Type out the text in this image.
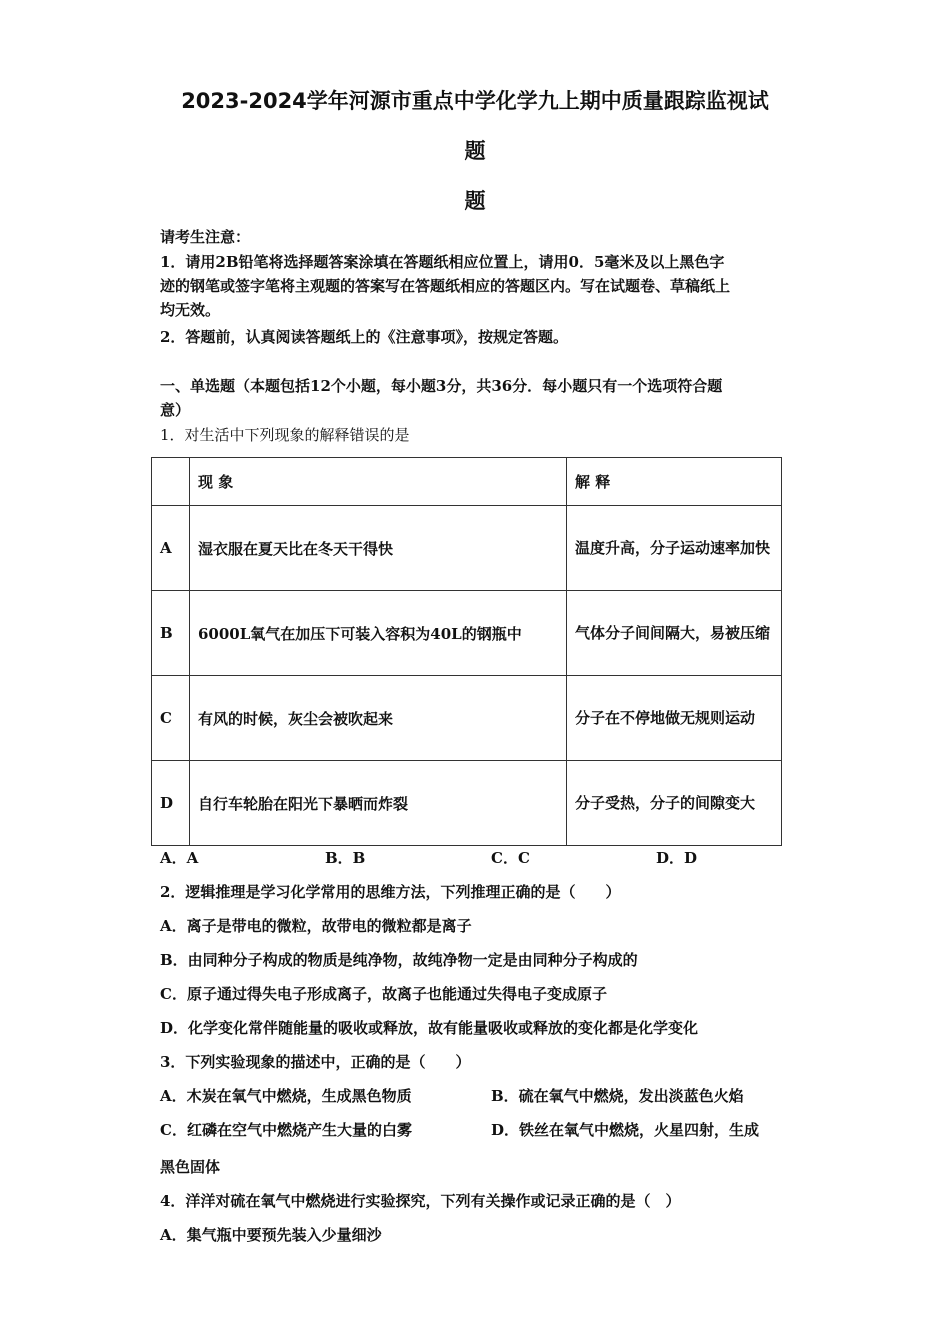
2023-2024学年河源市重点中学化学九上期中质量跟踪监视试
题
题
请考生注意：
1．请用2B铅笔将选择题答案涂填在答题纸相应位置上，请用0．5毫米及以上黑色字
迹的钢笔或签字笔将主观题的答案写在答题纸相应的答题区内。写在试题卷、草稿纸上
均无效。
2．答题前，认真阅读答题纸上的《注意事项》，按规定答题。
一、单选题（本题包括12个小题，每小题3分，共36分．每小题只有一个选项符合题
意）
1．对生活中下列现象的解释错误的是
	现 象	解 释
A	湿衣服在夏天比在冬天干得快	温度升高，分子运动速率加快
B	6000L氧气在加压下可装入容积为40L的钢瓶中	气体分子间间隔大，易被压缩
C	有风的时候，灰尘会被吹起来	分子在不停地做无规则运动
D	自行车轮胎在阳光下暴晒而炸裂	分子受热，分子的间隙变大
A．A	B．B	C．C	D．D
2．逻辑推理是学习化学常用的思维方法，下列推理正确的是（　　）
A．离子是带电的微粒，故带电的微粒都是离子
B．由同种分子构成的物质是纯净物，故纯净物一定是由同种分子构成的
C．原子通过得失电子形成离子，故离子也能通过失得电子变成原子
D．化学变化常伴随能量的吸收或释放，故有能量吸收或释放的变化都是化学变化
3．下列实验现象的描述中，正确的是（　　）
A．木炭在氧气中燃烧，生成黑色物质	B．硫在氧气中燃烧，发出淡蓝色火焰
C．红磷在空气中燃烧产生大量的白雾	D．铁丝在氧气中燃烧，火星四射，生成
黑色固体
4．洋洋对硫在氧气中燃烧进行实验探究，下列有关操作或记录正确的是（　）
A．集气瓶中要预先装入少量细沙
